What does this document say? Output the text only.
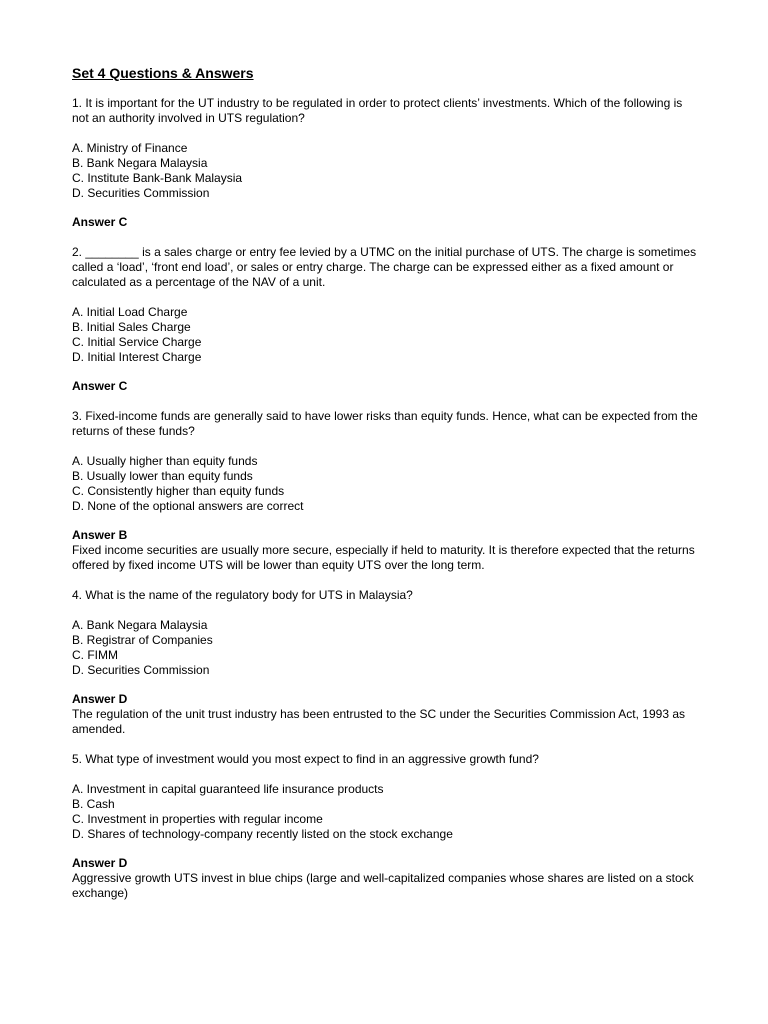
Set 4 Questions & Answers
1. It is important for the UT industry to be regulated in order to protect clients’ investments. Which of the following is not an authority involved in UTS regulation?
A. Ministry of Finance
B. Bank Negara Malaysia
C. Institute Bank-Bank Malaysia
D. Securities Commission
Answer C
2. ________ is a sales charge or entry fee levied by a UTMC on the initial purchase of UTS. The charge is sometimes called a ‘load’, ‘front end load’, or sales or entry charge. The charge can be expressed either as a fixed amount or calculated as a percentage of the NAV of a unit.
A. Initial Load Charge
B. Initial Sales Charge
C. Initial Service Charge
D. Initial Interest Charge
Answer C
3. Fixed-income funds are generally said to have lower risks than equity funds. Hence, what can be expected from the returns of these funds?
A. Usually higher than equity funds
B. Usually lower than equity funds
C. Consistently higher than equity funds
D. None of the optional answers are correct
Answer B
Fixed income securities are usually more secure, especially if held to maturity. It is therefore expected that the returns offered by fixed income UTS will be lower than equity UTS over the long term.
4. What is the name of the regulatory body for UTS in Malaysia?
A. Bank Negara Malaysia
B. Registrar of Companies
C. FIMM
D. Securities Commission
Answer D
The regulation of the unit trust industry has been entrusted to the SC under the Securities Commission Act, 1993 as amended.
5. What type of investment would you most expect to find in an aggressive growth fund?
A. Investment in capital guaranteed life insurance products
B. Cash
C. Investment in properties with regular income
D. Shares of technology-company recently listed on the stock exchange
Answer D
Aggressive growth UTS invest in blue chips (large and well-capitalized companies whose shares are listed on a stock exchange)
